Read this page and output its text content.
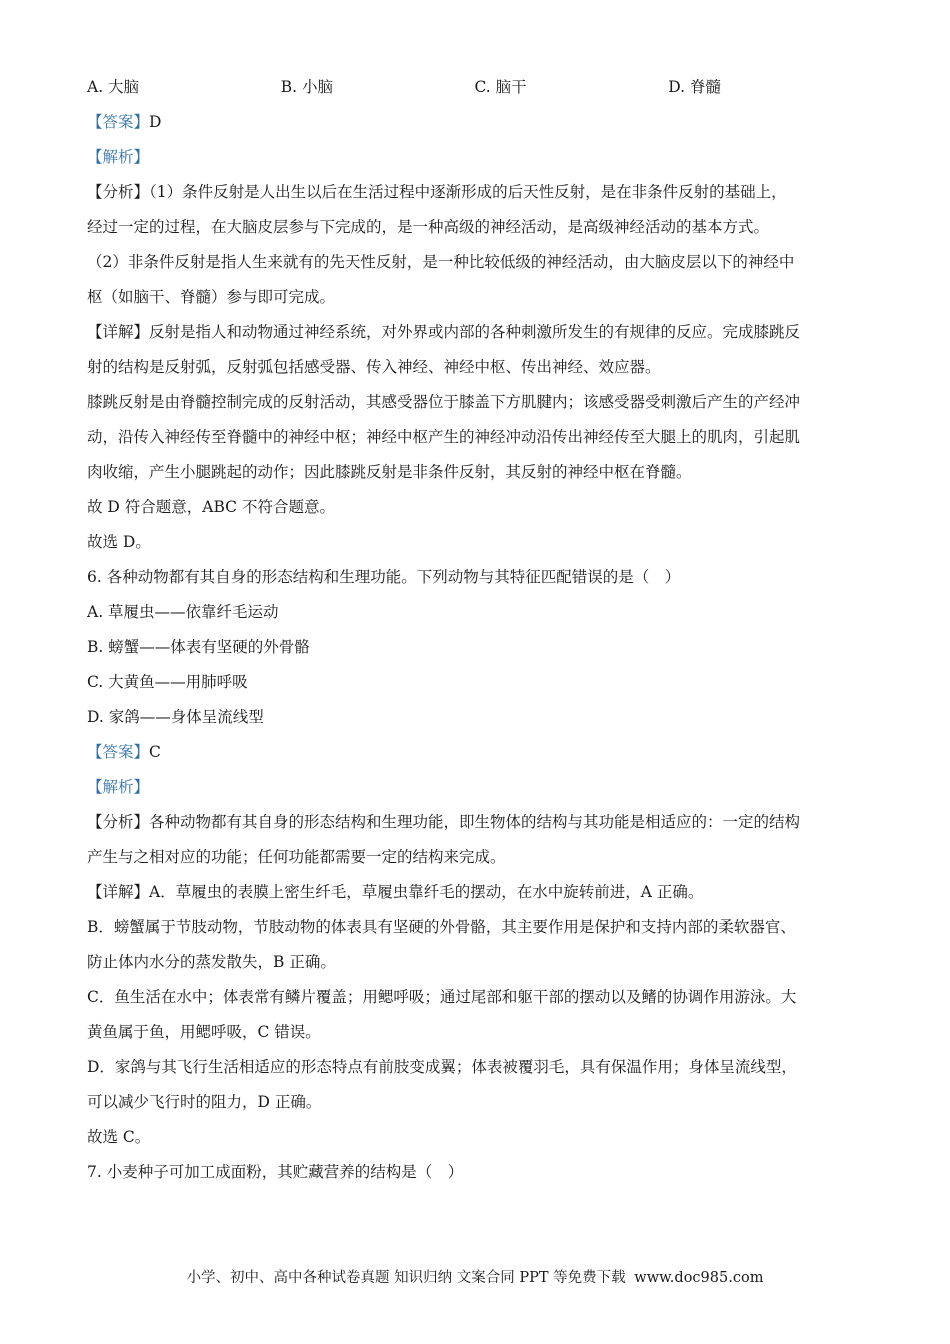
A. 大脑	B. 小脑	C. 脑干	D. 脊髓
【答案】D
【解析】
【分析】（1）条件反射是人出生以后在生活过程中逐渐形成的后天性反射，是在非条件反射的基础上，
经过一定的过程，在大脑皮层参与下完成的，是一种高级的神经活动，是高级神经活动的基本方式。
（2）非条件反射是指人生来就有的先天性反射，是一种比较低级的神经活动，由大脑皮层以下的神经中
枢（如脑干、脊髓）参与即可完成。
【详解】反射是指人和动物通过神经系统，对外界或内部的各种刺激所发生的有规律的反应。完成膝跳反
射的结构是反射弧，反射弧包括感受器、传入神经、神经中枢、传出神经、效应器。
膝跳反射是由脊髓控制完成的反射活动，其感受器位于膝盖下方肌腱内；该感受器受刺激后产生的产经冲
动，沿传入神经传至脊髓中的神经中枢；神经中枢产生的神经冲动沿传出神经传至大腿上的肌肉，引起肌
肉收缩，产生小腿跳起的动作；因此膝跳反射是非条件反射，其反射的神经中枢在脊髓。
故 D 符合题意，ABC 不符合题意。
故选 D。
6. 各种动物都有其自身的形态结构和生理功能。下列动物与其特征匹配错误的是（　）
A. 草履虫——依靠纤毛运动
B. 螃蟹——体表有坚硬的外骨骼
C. 大黄鱼——用肺呼吸
D. 家鸽——身体呈流线型
【答案】C
【解析】
【分析】各种动物都有其自身的形态结构和生理功能，即生物体的结构与其功能是相适应的：一定的结构
产生与之相对应的功能；任何功能都需要一定的结构来完成。
【详解】A．草履虫的表膜上密生纤毛，草履虫靠纤毛的摆动，在水中旋转前进，A 正确。
B．螃蟹属于节肢动物，节肢动物的体表具有坚硬的外骨骼，其主要作用是保护和支持内部的柔软器官、
防止体内水分的蒸发散失，B 正确。
C．鱼生活在水中；体表常有鳞片覆盖；用鳃呼吸；通过尾部和躯干部的摆动以及鳍的协调作用游泳。大
黄鱼属于鱼，用鳃呼吸，C 错误。
D．家鸽与其飞行生活相适应的形态特点有前肢变成翼；体表被覆羽毛，具有保温作用；身体呈流线型，
可以减少飞行时的阻力，D 正确。
故选 C。
7. 小麦种子可加工成面粉，其贮藏营养的结构是（　）
小学、初中、高中各种试卷真题 知识归纳 文案合同 PPT 等免费下载 www.doc985.com
